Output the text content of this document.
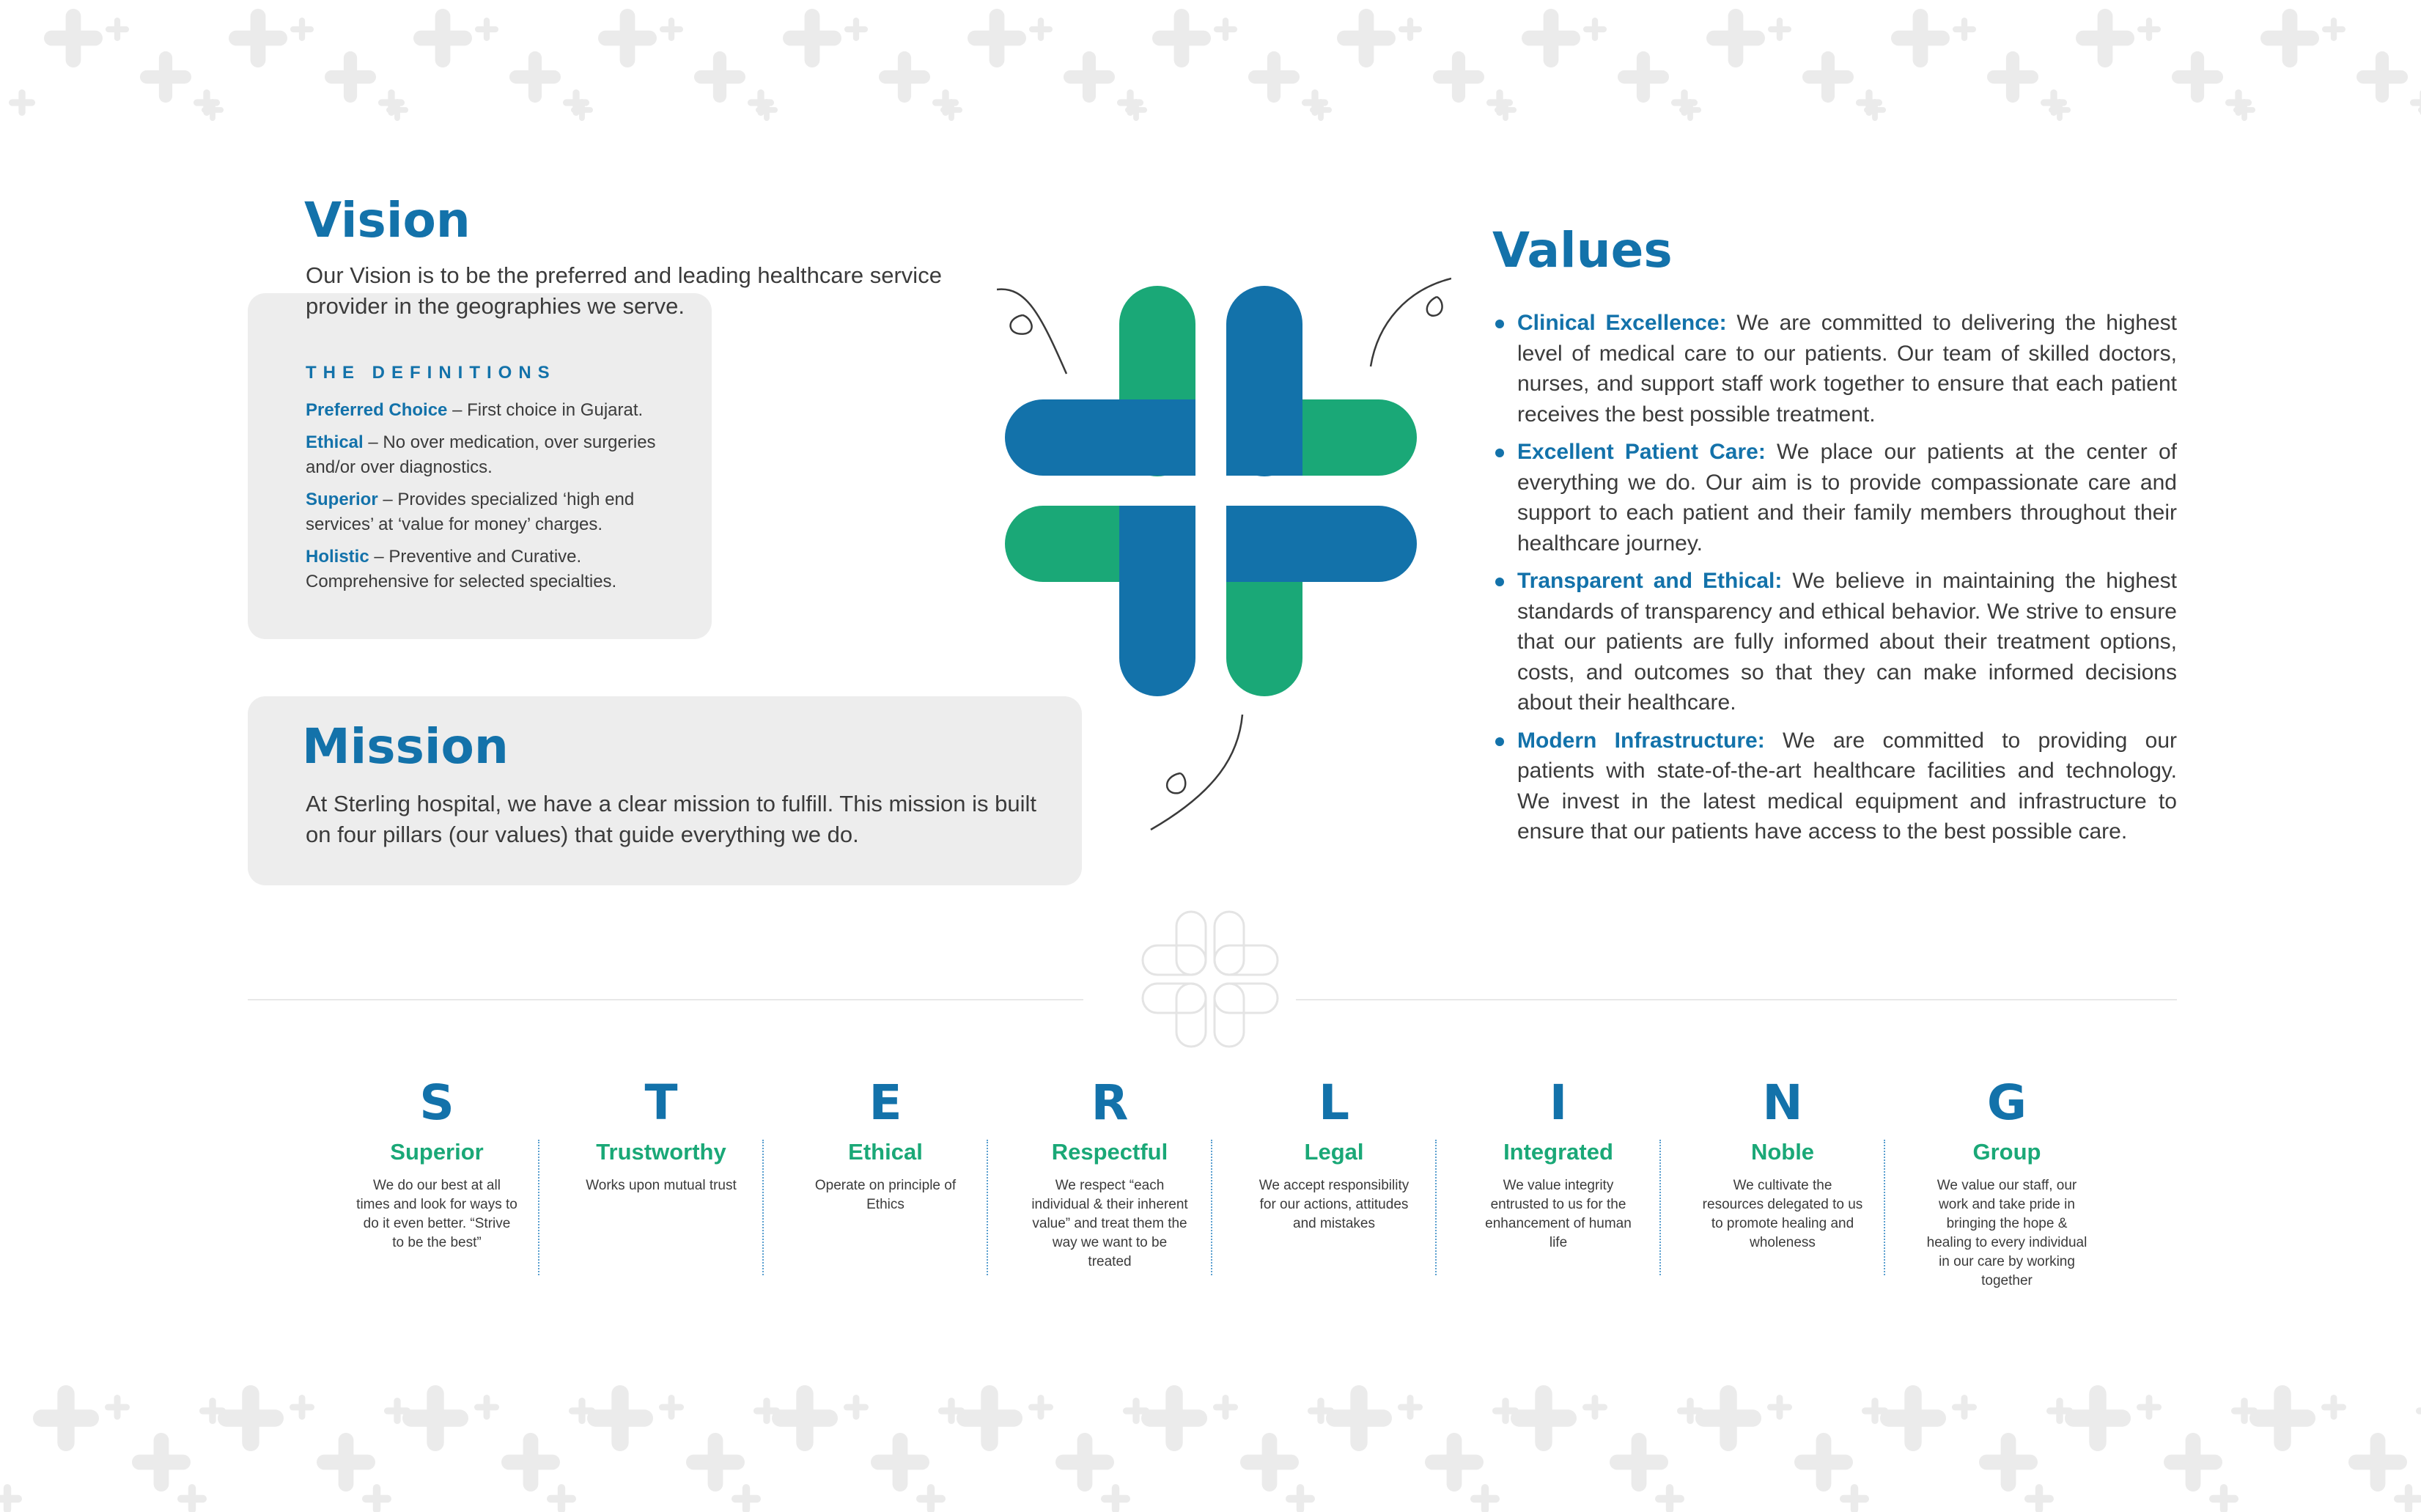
Vision
Our Vision is to be the preferred and leading healthcare service provider in the geographies we serve.
THE DEFINITIONS
Preferred Choice – First choice in Gujarat.
Ethical – No over medication, over surgeries and/or over diagnostics.
Superior – Provides specialized ‘high end services’ at ‘value for money’ charges.
Holistic – Preventive and Curative. Comprehensive for selected specialties.
Mission
At Sterling hospital, we have a clear mission to fulfill. This mission is built on four pillars (our values) that guide everything we do.
Values
Clinical Excellence: We are committed to delivering the highest level of medical care to our patients. Our team of skilled doctors, nurses, and support staff work together to ensure that each patient receives the best possible treatment.
Excellent Patient Care: We place our patients at the center of everything we do. Our aim is to provide compassionate care and support to each patient and their family members throughout their healthcare journey.
Transparent and Ethical: We believe in maintaining the highest standards of transparency and ethical behavior. We strive to ensure that our patients are fully informed about their treatment options, costs, and outcomes so that they can make informed decisions about their healthcare.
Modern Infrastructure: We are committed to providing our patients with state-of-the-art healthcare facilities and technology. We invest in the latest medical equipment and infrastructure to ensure that our patients have access to the best possible care.
S
Superior
We do our best at all times and look for ways to do it even better. “Strive to be the best”
T
Trustworthy
Works upon mutual trust
E
Ethical
Operate on principle of Ethics
R
Respectful
We respect “each individual & their inherent value” and treat them the way we want to be treated
L
Legal
We accept responsibility for our actions, attitudes and mistakes
I
Integrated
We value integrity entrusted to us for the enhancement of human life
N
Noble
We cultivate the resources delegated to us to promote healing and wholeness
G
Group
We value our staff, our work and take pride in bringing the hope & healing to every individual in our care by working together
